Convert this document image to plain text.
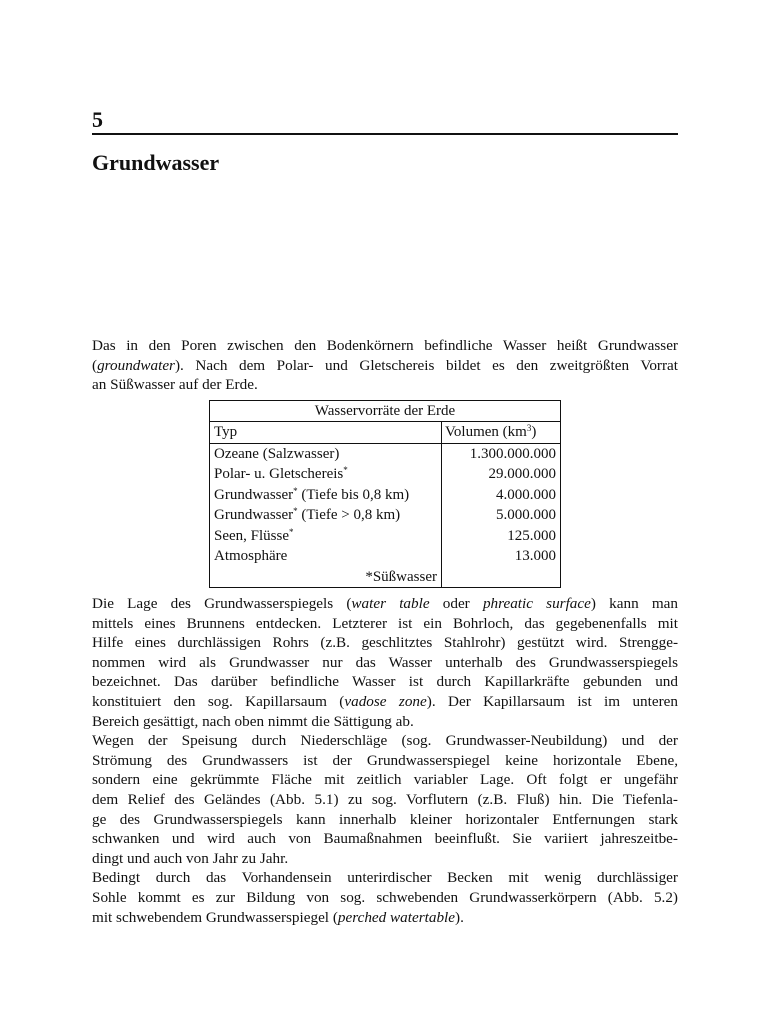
5
Grundwasser
Das in den Poren zwischen den Bodenkörnern befindliche Wasser heißt Grundwasser
(groundwater). Nach dem Polar- und Gletschereis bildet es den zweitgrößten Vorrat
an Süßwasser auf der Erde.
Wasservorräte der Erde
Typ	Volumen $(km^3)$
Ozeane (Salzwasser)	1.300.000.000
Polar- u. Gletschereis*	29.000.000
Grundwasser* (Tiefe bis 0,8 km)	4.000.000
Grundwasser* (Tiefe > 0,8 km)	5.000.000
Seen, Flüsse*	125.000
Atmosphäre	13.000
*Süßwasser
Die Lage des Grundwasserspiegels (water table oder phreatic surface) kann man
mittels eines Brunnens entdecken. Letzterer ist ein Bohrloch, das gegebenenfalls mit
Hilfe eines durchlässigen Rohrs (z.B. geschlitztes Stahlrohr) gestützt wird. Strengge-
nommen wird als Grundwasser nur das Wasser unterhalb des Grundwasserspiegels
bezeichnet. Das darüber befindliche Wasser ist durch Kapillarkräfte gebunden und
konstituiert den sog. Kapillarsaum (vadose zone). Der Kapillarsaum ist im unteren
Bereich gesättigt, nach oben nimmt die Sättigung ab.
Wegen der Speisung durch Niederschläge (sog. Grundwasser-Neubildung) und der
Strömung des Grundwassers ist der Grundwasserspiegel keine horizontale Ebene,
sondern eine gekrümmte Fläche mit zeitlich variabler Lage. Oft folgt er ungefähr
dem Relief des Geländes (Abb. 5.1) zu sog. Vorflutern (z.B. Fluß) hin. Die Tiefenla-
ge des Grundwasserspiegels kann innerhalb kleiner horizontaler Entfernungen stark
schwanken und wird auch von Baumaßnahmen beeinflußt. Sie variiert jahreszeitbe-
dingt und auch von Jahr zu Jahr.
Bedingt durch das Vorhandensein unterirdischer Becken mit wenig durchlässiger
Sohle kommt es zur Bildung von sog. schwebenden Grundwasserkörpern (Abb. 5.2)
mit schwebendem Grundwasserspiegel (perched watertable).
